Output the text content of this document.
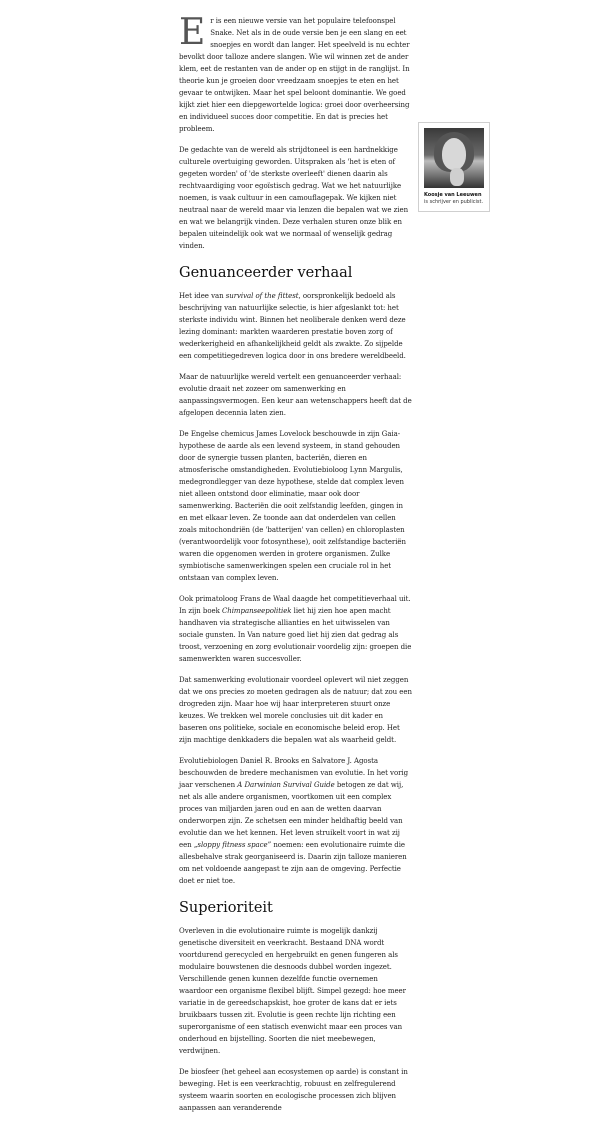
Er is een nieuwe versie van het populaire telefoonspel Snake. Net als in de oude versie ben je een slang en eet snoepjes en wordt dan langer. Het speelveld is nu echter bevolkt door talloze andere slangen. Wie wil winnen zet de ander klem, eet de restanten van de ander op en stijgt in de ranglijst. In theorie kun je groeien door vreedzaam snoepjes te eten en het gevaar te ontwijken. Maar het spel beloont dominantie. We goed kijkt ziet hier een diepgewortelde logica: groei door overheersing en individueel succes door competitie. En dat is precies het probleem.

De gedachte van de wereld als strijdtoneel is een hardnekkige culturele overtuiging geworden. Uitspraken als 'het is eten of gegeten worden' of 'de sterkste overleeft' dienen daarin als rechtvaardiging voor egoïstisch gedrag. Wat we het natuurlijke noemen, is vaak cultuur in een camouflagepak. We kijken niet neutraal naar de wereld maar via lenzen die bepalen wat we zien en wat we belangrijk vinden. Deze verhalen sturen onze blik en bepalen uiteindelijk ook wat we normaal of wenselijk gedrag vinden.

Genuanceerder verhaal

Het idee van survival of the fittest, oorspronkelijk bedoeld als beschrijving van natuurlijke selectie, is hier afgeslankt tot: het sterkste individu wint. Binnen het neoliberale denken werd deze lezing dominant: markten waarderen prestatie boven zorg of wederkerigheid en afhankelijkheid geldt als zwakte. Zo sijpelde een competitiegedreven logica door in ons bredere wereldbeeld.

Maar de natuurlijke wereld vertelt een genuanceerder verhaal: evolutie draait net zozeer om samenwerking en aanpassingsvermogen. Een keur aan wetenschappers heeft dat de afgelopen decennia laten zien.

De Engelse chemicus James Lovelock beschouwde in zijn Gaia-hypothese de aarde als een levend systeem, in stand gehouden door de synergie tussen planten, bacteriën, dieren en atmosferische omstandigheden. Evolutiebioloog Lynn Margulis, medegrondlegger van deze hypothese, stelde dat complex leven niet alleen ontstond door eliminatie, maar ook door samenwerking. Bacteriën die ooit zelfstandig leefden, gingen in en met elkaar leven. Ze toonde aan dat onderdelen van cellen zoals mitochondriën (de 'batterijen' van cellen) en chloroplasten (verantwoordelijk voor fotosynthese), ooit zelfstandige bacteriën waren die opgenomen werden in grotere organismen. Zulke symbiotische samenwerkingen spelen een cruciale rol in het ontstaan van complex leven.

Ook primatoloog Frans de Waal daagde het competitieverhaal uit. In zijn boek Chimpanseepolitiek liet hij zien hoe apen macht handhaven via strategische allianties en het uitwisselen van sociale gunsten. In Van nature goed liet hij zien dat gedrag als troost, verzoening en zorg evolutionair voordelig zijn: groepen die samenwerkten waren succesvoller.

Dat samenwerking evolutionair voordeel oplevert wil niet zeggen dat we ons precies zo moeten gedragen als de natuur; dat zou een drogreden zijn. Maar hoe wij haar interpreteren stuurt onze keuzes. We trekken wel morele conclusies uit dit kader en baseren ons politieke, sociale en economische beleid erop. Het zijn machtige denkkaders die bepalen wat als waarheid geldt.

Evolutiebiologen Daniel R. Brooks en Salvatore J. Agosta beschouwden de bredere mechanismen van evolutie. In het vorig jaar verschenen A Darwinian Survival Guide betogen ze dat wij, net als alle andere organismen, voortkomen uit een complex proces van miljarden jaren oud en aan de wetten daarvan onderworpen zijn. Ze schetsen een minder heldhaftig beeld van evolutie dan we het kennen. Het leven struikelt voort in wat zij een „sloppy fitness space” noemen: een evolutionaire ruimte die allesbehalve strak georganiseerd is. Daarin zijn talloze manieren om net voldoende aangepast te zijn aan de omgeving. Perfectie doet er niet toe.

Superioriteit

Overleven in die evolutionaire ruimte is mogelijk dankzij genetische diversiteit en veerkracht. Bestaand DNA wordt voortdurend gerecycled en hergebruikt en genen fungeren als modulaire bouwstenen die desnoods dubbel worden ingezet. Verschillende genen kunnen dezelfde functie overnemen waardoor een organisme flexibel blijft. Simpel gezegd: hoe meer variatie in de gereedschapskist, hoe groter de kans dat er iets bruikbaars tussen zit. Evolutie is geen rechte lijn richting een superorganisme of een statisch evenwicht maar een proces van onderhoud en bijstelling. Soorten die niet meebewegen, verdwijnen.

De biosfeer (het geheel aan ecosystemen op aarde) is constant in beweging. Het is een veerkrachtig, robuust en zelfregulerend systeem waarin soorten en ecologische processen zich blijven aanpassen aan veranderende

Koosje van Leeuwen is schrijver en publicist.
